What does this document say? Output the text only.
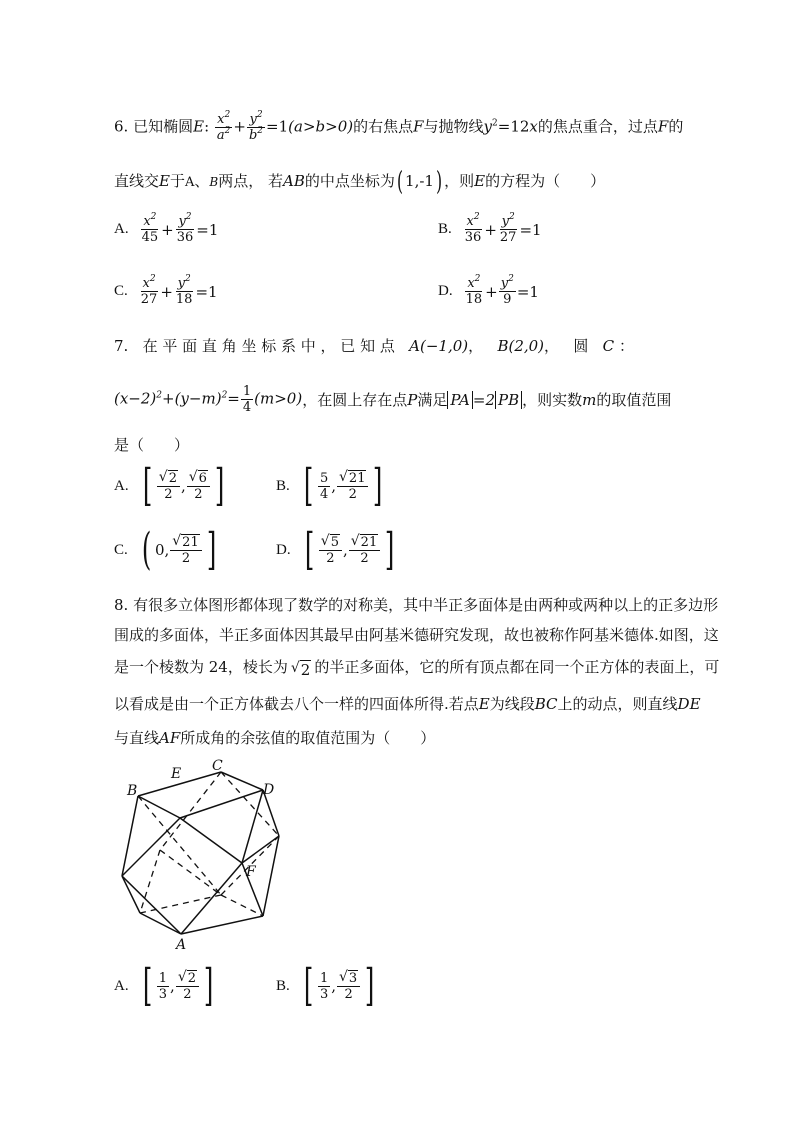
6. 已知椭圆E: $\frac{x^2}{a^2} + \frac{y^2}{b^2} =1(a>b>0)$的右焦点F与抛物线$y^2=12x$的焦点重合，过点F的
直线交E于A、B两点， 若AB的中点坐标为( 1,-1) ，则E的方程为（　　）
A. $\frac{x^2}{45} + \frac{y^2}{36} =1$	B. $\frac{x^2}{36} + \frac{y^2}{27} =1$
C. $\frac{x^2}{27} + \frac{y^2}{18} =1$	D. $\frac{x^2}{18} + \frac{y^2}{9} =1$
7. 在 平 面 直 角 坐 标 系 中 ， 已 知 点 A(−1,0)，   B(2,0)，   圆 C ：
$(x-2)^2+(y-m)^2= \frac{1}{4} (m>0)$ ，在圆上存在点 P 满足 PA =2 PB ，则实数 m 的取值范围
是（　　）
A. [ $\frac{√ 2}{2}$ , $\frac{√ 6}{2}$ ]	B. [ $\frac{5}{4}$ , $\frac{√ 21}{2}$ ]
C. ( 0, $\frac{√ 21}{2}$ ]	D. [ $\frac{√ 5}{2}$ , $\frac{√ 21}{2}$ ]
8. 有很多立体图形都体现了数学的对称美，其中半正多面体是由两种或两种以上的正多边形
围成的多面体，半正多面体因其最早由阿基米德研究发现，故也被称作阿基米德体.如图，这
是一个棱数为 24，棱长为 √ 2 的半正多面体，它的所有顶点都在同一个正方体的表面上，可
以看成是由一个正方体截去八个一样的四面体所得.若点E为线段BC上的动点，则直线DE
与直线AF所成角的余弦值的取值范围为（　　）
B
E C
D
F
A
A. [ $\frac{1}{3}$ , $\frac{√ 2}{2}$ ]	B. [ $\frac{1}{3}$ , $\frac{√ 3}{2}$ ]
